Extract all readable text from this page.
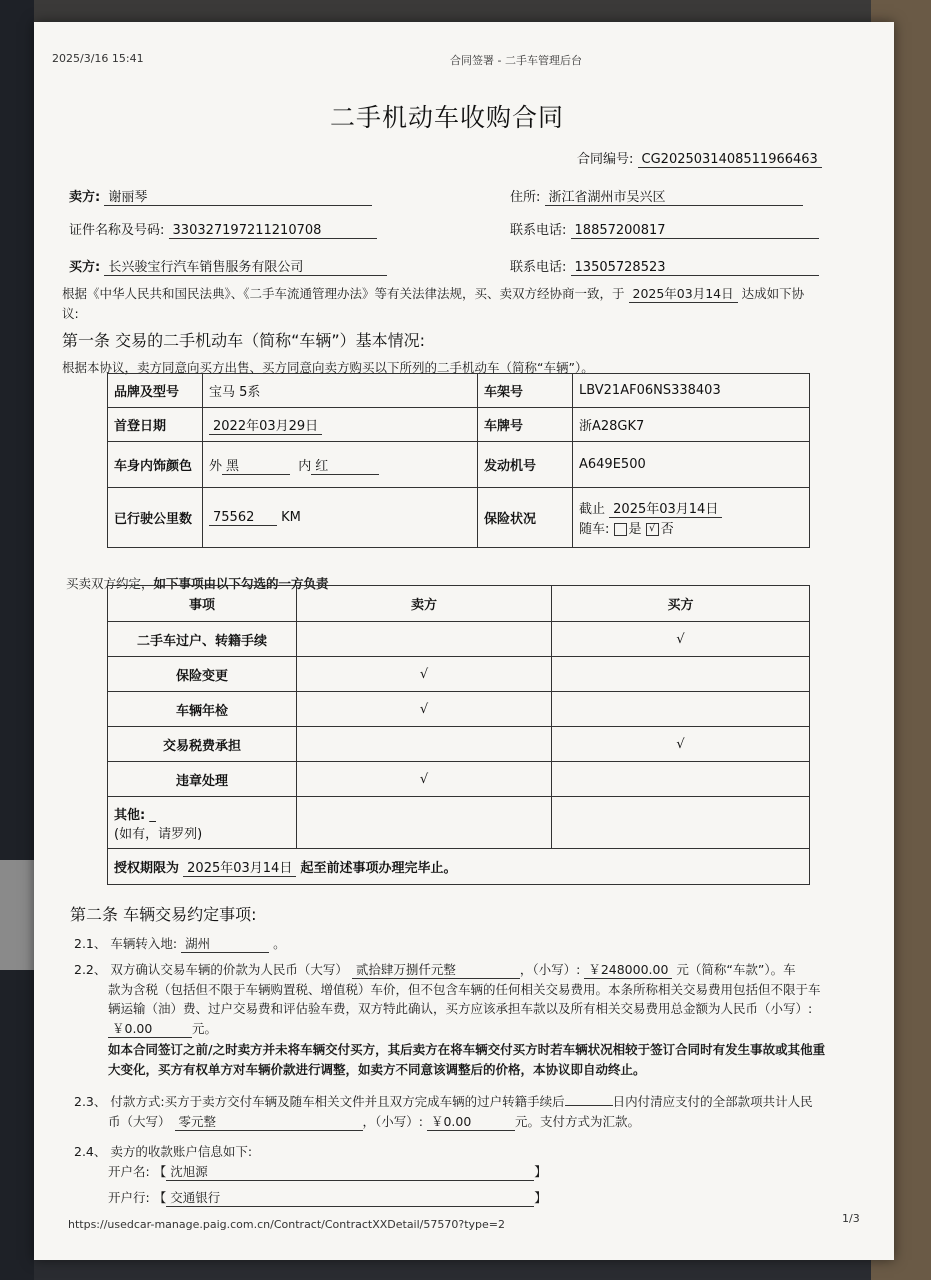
2025/3/16 15:41	合同签署 - 二手车管理后台
二手机动车收购合同
合同编号: CG2025031408511966463
卖方: 谢丽琴	住所: 浙江省湖州市吴兴区
证件名称及号码: 330327197211210708	联系电话: 18857200817
买方: 长兴骏宝行汽车销售服务有限公司	联系电话: 13505728523
根据《中华人民共和国民法典》、《二手车流通管理办法》等有关法律法规，买、卖双方经协商一致，于 2025年03月14日 达成如下协
议:
第一条 交易的二手机动车（简称“车辆”）基本情况:
根据本协议，卖方同意向买方出售、买方同意向卖方购买以下所列的二手机动车（简称“车辆”）。
品牌及型号	宝马 5系	车架号	LBV21AF06NS338403
首登日期	2022年03月29日	车牌号	浙A28GK7
车身内饰颜色	外 黑 内 红	发动机号	A649E500
已行驶公里数	75562 KM	保险状况	截止 2025年03月14日
随车: 是 √ 否
买卖双方约定，如下事项由以下勾选的一方负责
事项	卖方	买方
二手车过户、转籍手续		√
保险变更	√	
车辆年检	√	
交易税费承担		√
违章处理	√	

其他: _
(如有，请罗列)		

授权期限为 2025年03月14日 起至前述事项办理完毕止。		
第二条 车辆交易约定事项:
2.1、 车辆转入地: 湖州	。
2.2、 双方确认交易车辆的价款为人民币（大写） 贰拾肆万捌仟元整	，（小写）: ￥248000.00 元（简称“车款”）。车
款为含税（包括但不限于车辆购置税、增值税）车价，但不包含车辆的任何相关交易费用。本条所称相关交易费用包括但不限于车
辆运输（油）费、过户交易费和评估验车费，双方特此确认，买方应该承担车款以及所有相关交易费用总金额为人民币（小写）:
￥0.00	元。
如本合同签订之前/之时卖方并未将车辆交付买方，其后卖方在将车辆交付买方时若车辆状况相较于签订合同时有发生事故或其他重
大变化，买方有权单方对车辆价款进行调整，如卖方不同意该调整后的价格，本协议即自动终止。
2.3、 付款方式:买方于卖方交付车辆及随车相关文件并且双方完成车辆的过户转籍手续后	日内付清应支付的全部款项共计人民
币（大写） 零元整	，（小写）: ￥0.00	元。支付方式为汇款。
2.4、 卖方的收款账户信息如下:
开户名: 【 沈旭源	】
开户行: 【 交通银行	】
https://usedcar-manage.paig.com.cn/Contract/ContractXXDetail/57570?type=2	1/3
